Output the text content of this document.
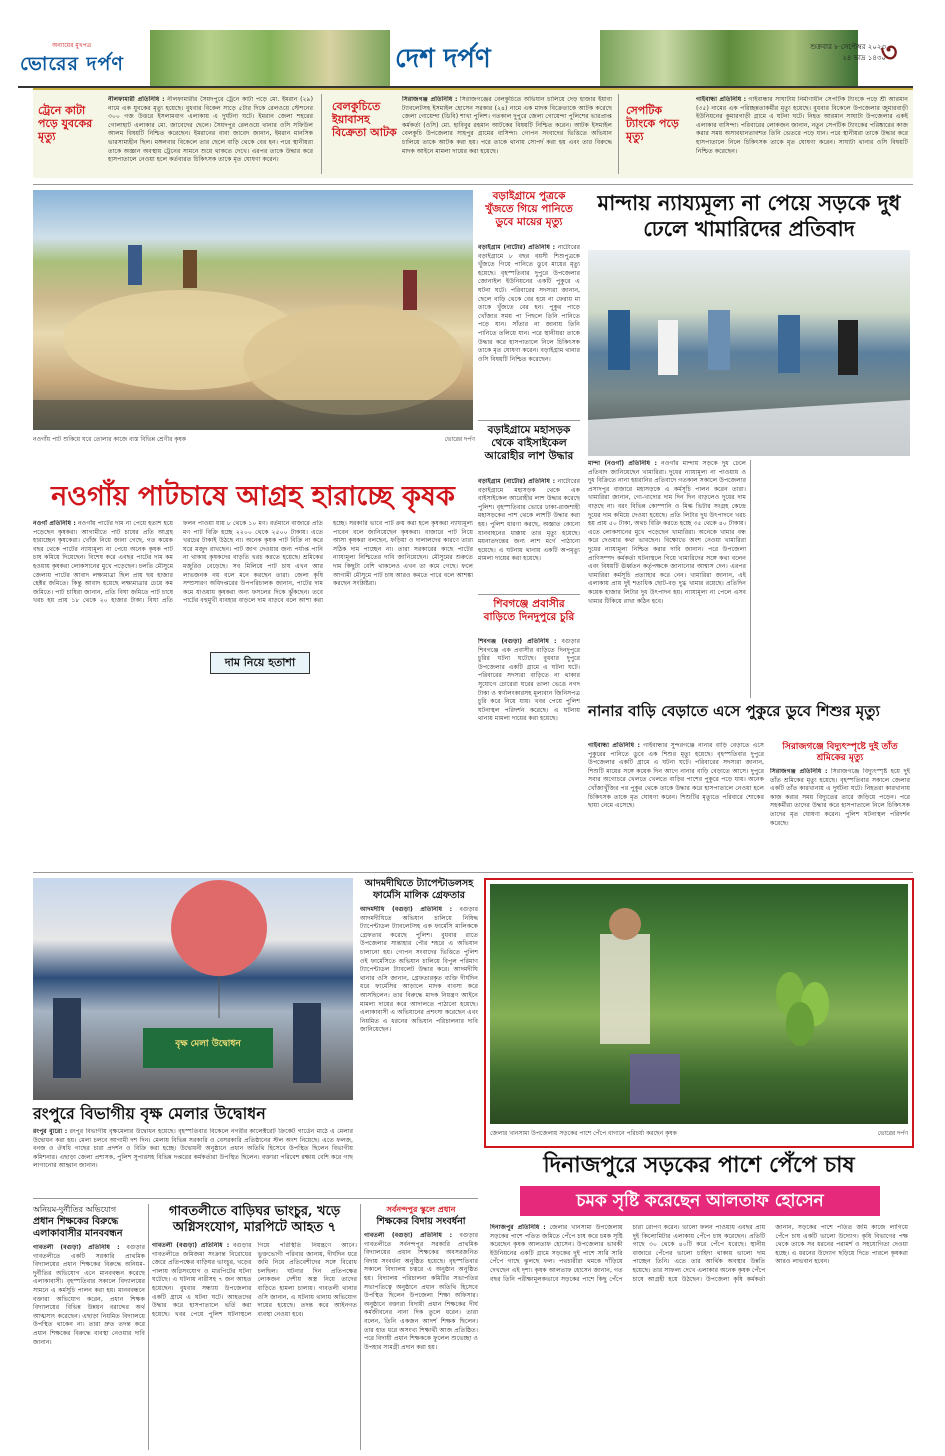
অন্যায়ের মুখপত্র
ভোরের দর্পণ	দেশ দর্পণ	শুক্রবার ৮ সেপ্টেম্বর ২০২৩
২৪ ভাদ্র ১৪৩০
৩
ট্রেনে কাটা পড়ে যুবকের মৃত্যু
নীলফামারী প্রতিনিধি : নীলফামারীর সৈয়দপুরে ট্রেনে কাটা পড়ে মো. ইমরান (২৯) নামে এক যুবকের মৃত্যু হয়েছে। বুধবার বিকেল সাড়ে ৫টার দিকে রেলওয়ে স্টেশনের ৩০০ গজ উত্তরে ইসলামবাগ এলাকায় এ দুর্ঘটনা ঘটে। ইমরান জেলা শহরের গোলাহাট এলাকার মো. জাবেদের ছেলে। সৈয়দপুর রেলওয়ে থানার ওসি সফিউল আলম বিষয়টি নিশ্চিত করেছেন। ইমরানের বাবা জাবেদ জানান, ইমরান মানসিক ভারসাম্যহীন ছিল। মঙ্গলবার বিকেলে তার ছেলে বাড়ি থেকে বের হন। পরে স্থানীয়রা তাকে অজ্ঞান অবস্থায় ট্রেনের সামনে শুয়ে থাকতে দেখে। এরপর তাকে উদ্ধার করে হাসপাতালে নেওয়া হলে কর্তব্যরত চিকিৎসক তাকে মৃত ঘোষণা করেন।
বেলকুচিতে ইয়াবাসহ বিক্রেতা আটক
সিরাজগঞ্জ প্রতিনিধি : সিরাজগঞ্জের বেলকুচিতে অভিযান চালিয়ে দেড় হাজার ইয়াবা ট্যাবলেটসহ ইসমাইল হোসেন সরকার (২৪) নামে এক মাদক বিক্রেতাকে আটক করেছে জেলা গোয়েন্দা (ডিবি) শাখা পুলিশ। গতকাল দুপুরে জেলা গোয়েন্দা পুলিশের ভারপ্রাপ্ত কর্মকর্তা (ওসি) মো. হাবিবুর রহমান আটকের বিষয়টি নিশ্চিত করেন। আটক ইসমাইল বেলকুচি উপজেলার সাহপুর গ্রামের বাসিন্দা। গোপন সংবাদের ভিত্তিতে অভিযান চালিয়ে তাকে আটক করা হয়। পরে তাকে থানায় সোপর্দ করা হয় এবং তার বিরুদ্ধে মাদক আইনে মামলা দায়ের করা হয়েছে।
সেপটিক ট্যাংকে পড়ে মৃত্যু
গাইবান্ধা প্রতিনিধি : গাইবান্ধার সাঘাটায় নির্মাণাধীন সেপটিক ট্যাংকে পড়ে শ্রী আরমান (৩৫) নামের এক পরিচ্ছন্নতাকর্মীর মৃত্যু হয়েছে। বুধবার বিকেলে উপজেলার জুমারবাড়ী ইউনিয়নের কুমারগাড়ী গ্রামে এ ঘটনা ঘটে। নিহত আরমান সাঘাটা উপজেলার একই এলাকার বাসিন্দা। পরিবারের লোকজন জানান, নতুন সেপটিক ট্যাংকের পরিষ্কারের কাজ করার সময় অসাবধানতাবশত তিনি ভেতরে পড়ে যান। পরে স্থানীয়রা তাকে উদ্ধার করে হাসপাতালে নিলে চিকিৎসক তাকে মৃত ঘোষণা করেন। সাঘাটা থানার ওসি বিষয়টি নিশ্চিত করেছেন।
নওগাঁয় পাট শুকিয়ে ঘরে তোলার কাজে ব্যস্ত বিভিন্ন শ্রেণীর কৃষক	ভোরের দর্পণ
বড়াইগ্রামে পুত্রকে খুঁজতে গিয়ে পানিতে ডুবে মায়ের মৃত্যু
বড়াইগ্রাম (নাটোর) প্রতিনিধি : নাটোরের বড়াইগ্রামে ৮ বছর বয়সী শিশুপুত্রকে খুঁজতে গিয়ে পানিতে ডুবে মায়ের মৃত্যু হয়েছে। বৃহস্পতিবার দুপুরে উপজেলার জোনাইল ইউনিয়নের একটি পুকুরে এ ঘটনা ঘটে। পরিবারের সদস্যরা জানান, ছেলে বাড়ি থেকে বের হয়ে না ফেরায় মা তাকে খুঁজতে বের হন। পুকুর পাড়ে খোঁজার সময় পা পিছলে তিনি পানিতে পড়ে যান। সাঁতার না জানায় তিনি পানিতে তলিয়ে যান। পরে স্থানীয়রা তাকে উদ্ধার করে হাসপাতালে নিলে চিকিৎসক তাকে মৃত ঘোষণা করেন। বড়াইগ্রাম থানার ওসি বিষয়টি নিশ্চিত করেছেন।
বড়াইগ্রামে মহাসড়ক থেকে বাইসাইকেল আরোহীর লাশ উদ্ধার
বড়াইগ্রাম (নাটোর) প্রতিনিধি : নাটোরের বড়াইগ্রামে মহাসড়ক থেকে এক বাইসাইকেল আরোহীর লাশ উদ্ধার করেছে পুলিশ। বৃহস্পতিবার ভোরে ঢাকা-রাজশাহী মহাসড়কের পাশ থেকে লাশটি উদ্ধার করা হয়। পুলিশ ধারণা করছে, অজ্ঞাত কোনো যানবাহনের ধাক্কায় তার মৃত্যু হয়েছে। ময়নাতদন্তের জন্য লাশ মর্গে পাঠানো হয়েছে। এ ঘটনায় থানায় একটি অপমৃত্যু মামলা দায়ের করা হয়েছে।
শিবগঞ্জে প্রবাসীর বাড়িতে দিনদুপুরে চুরি
শিবগঞ্জ (বগুড়া) প্রতিনিধি : বগুড়ার শিবগঞ্জে এক প্রবাসীর বাড়িতে দিনদুপুরে চুরির ঘটনা ঘটেছে। বুধবার দুপুরে উপজেলার একটি গ্রামে এ ঘটনা ঘটে। পরিবারের সদস্যরা বাড়িতে না থাকার সুযোগে চোরেরা ঘরের তালা ভেঙে নগদ টাকা ও স্বর্ণালংকারসহ মূল্যবান জিনিসপত্র চুরি করে নিয়ে যায়। খবর পেয়ে পুলিশ ঘটনাস্থল পরিদর্শন করেছে। এ ঘটনায় থানায় মামলা দায়ের করা হয়েছে।
মান্দায় ন্যায্যমূল্য না পেয়ে সড়কে দুধ ঢেলে খামারিদের প্রতিবাদ
মান্দা (নওগাঁ) প্রতিনিধি : নওগাঁর মান্দায় সড়কে দুধ ঢেলে প্রতিবাদ জানিয়েছেন খামারিরা। দুধের ন্যায্যমূল্য না পাওয়ায় ও দুধ বিক্রিতে নানা হয়রানির প্রতিবাদে গতকাল সকালে উপজেলার প্রসাদপুর বাজারে মহাসড়কে এ কর্মসূচি পালন করেন তারা। খামারিরা জানান, গো-খাদ্যের দাম দিন দিন বাড়লেও দুধের দাম বাড়ছে না। বরং বিভিন্ন কোম্পানি ও মিল্ক ভিটার সংগ্রহ কেন্দ্রে দুধের দাম কমিয়ে দেওয়া হয়েছে। প্রতি লিটার দুধ উৎপাদনে খরচ হয় প্রায় ৫০ টাকা, অথচ বিক্রি করতে হচ্ছে ৩৫ থেকে ৪০ টাকায়। এতে লোকসানের মুখে পড়েছেন খামারিরা। অনেকে খামার বন্ধ করে দেওয়ার কথা ভাবছেন। বিক্ষোভে অংশ নেওয়া খামারিরা দুধের ন্যায্যমূল্য নিশ্চিত করার দাবি জানান। পরে উপজেলা প্রাণিসম্পদ কর্মকর্তা ঘটনাস্থলে গিয়ে খামারিদের সঙ্গে কথা বলেন এবং বিষয়টি ঊর্ধ্বতন কর্তৃপক্ষকে জানানোর আশ্বাস দেন। এরপর খামারিরা কর্মসূচি প্রত্যাহার করে নেন। খামারিরা জানান, এই এলাকায় প্রায় দুই শতাধিক ছোট-বড় দুগ্ধ খামার রয়েছে। প্রতিদিন কয়েক হাজার লিটার দুধ উৎপাদন হয়। ন্যায্যমূল্য না পেলে এসব খামার টিকিয়ে রাখা কঠিন হবে।
নওগাঁয় পাটচাষে আগ্রহ হারাচ্ছে কৃষক
দাম নিয়ে হতাশা
নওগাঁ প্রতিনিধি : নওগাঁয় পাটের দাম না পেয়ে হতাশ হয়ে পড়েছেন কৃষকরা। আগামীতে পাট চাষের প্রতি আগ্রহ হারাচ্ছেন কৃষকেরা। খোঁজ নিয়ে জানা গেছে, গত কয়েক বছর থেকে পাটের ন্যায্যমূল্য না পেয়ে অনেক কৃষক পাট চাষ কমিয়ে দিয়েছেন। বিশেষ করে এবছর পাটের দাম কম হওয়ায় কৃষকরা লোকসানের মুখে পড়েছেন। চলতি মৌসুমে জেলায় পাটের আবাদ লক্ষ্যমাত্রা ছিল প্রায় ছয় হাজার হেক্টর জমিতে। কিন্তু আবাদ হয়েছে লক্ষ্যমাত্রার চেয়ে কম জমিতে। পাট চাষিরা জানান, প্রতি বিঘা জমিতে পাট চাষে খরচ হয় প্রায় ১৮ থেকে ২০ হাজার টাকা। বিঘা প্রতি ফলন পাওয়া যায় ৮ থেকে ১০ মণ। বর্তমানে বাজারে প্রতি মণ পাট বিক্রি হচ্ছে ২২০০ থেকে ২৫০০ টাকায়। এতে খরচের টাকাই উঠছে না। অনেক কৃষক পাট বিক্রি না করে ঘরে মজুদ রাখছেন। পাট জাগ দেওয়ার জন্য পর্যাপ্ত পানি না থাকায় কৃষকদের বাড়তি খরচ করতে হয়েছে। শ্রমিকের মজুরিও বেড়েছে। সব মিলিয়ে পাট চাষ এখন আর লাভজনক নয় বলে মনে করছেন তারা। জেলা কৃষি সম্প্রসারণ অধিদপ্তরের উপপরিচালক জানান, পাটের দাম কমে যাওয়ায় কৃষকরা অন্য ফসলের দিকে ঝুঁকছেন। তবে পাটের বহুমুখী ব্যবহার বাড়লে দাম বাড়বে বলে আশা করা হচ্ছে। সরকারি ভাবে পাট ক্রয় করা হলে কৃষকরা ন্যায্যমূল্য পাবেন বলে জানিয়েছেন কৃষকরা। বাজারে পাট নিয়ে আসা কৃষকরা বলছেন, ফড়িয়া ও দালালদের কারণে তারা সঠিক দাম পাচ্ছেন না। তারা সরকারের কাছে পাটের ন্যায্যমূল্য নিশ্চিতের দাবি জানিয়েছেন। মৌসুমের শুরুতে দাম কিছুটা বেশি থাকলেও এখন তা কমে গেছে। ফলে আগামী মৌসুমে পাট চাষ আরও কমতে পারে বলে আশঙ্কা করছেন সংশ্লিষ্টরা।
নানার বাড়ি বেড়াতে এসে পুকুরে ডুবে শিশুর মৃত্যু
গাইবান্ধা প্রতিনিধি : গাইবান্ধার সুন্দরগঞ্জে নানার বাড়ি বেড়াতে এসে পুকুরের পানিতে ডুবে এক শিশুর মৃত্যু হয়েছে। বৃহস্পতিবার দুপুরে উপজেলার একটি গ্রামে এ ঘটনা ঘটে। পরিবারের সদস্যরা জানান, শিশুটি মায়ের সঙ্গে কয়েক দিন আগে নানার বাড়ি বেড়াতে আসে। দুপুরে সবার অগোচরে খেলতে খেলতে বাড়ির পাশের পুকুরে পড়ে যায়। অনেক খোঁজাখুঁজির পর পুকুর থেকে তাকে উদ্ধার করে হাসপাতালে নেওয়া হলে চিকিৎসক তাকে মৃত ঘোষণা করেন। শিশুটির মৃত্যুতে পরিবারে শোকের ছায়া নেমে এসেছে।
সিরাজগঞ্জে বিদ্যুৎস্পৃষ্টে দুই তাঁত শ্রমিকের মৃত্যু
সিরাজগঞ্জ প্রতিনিধি : সিরাজগঞ্জে বিদ্যুৎস্পৃষ্ট হয়ে দুই তাঁত শ্রমিকের মৃত্যু হয়েছে। বৃহস্পতিবার সকালে জেলার একটি তাঁত কারখানায় এ দুর্ঘটনা ঘটে। নিহতরা কারখানায় কাজ করার সময় বিদ্যুতের তারে জড়িয়ে পড়েন। পরে সহকর্মীরা তাদের উদ্ধার করে হাসপাতালে নিলে চিকিৎসক তাদের মৃত ঘোষণা করেন। পুলিশ ঘটনাস্থল পরিদর্শন করেছে।
বৃক্ষ মেলা উদ্বোধন
আদমদীঘিতে ট্যাপেন্টাডলসহ ফার্মেসি মালিক গ্রেফতার
আদমদীঘি (বগুড়া) প্রতিনিধি : বগুড়ার আদমদীঘিতে অভিযান চালিয়ে নিষিদ্ধ ট্যাপেন্টাডল ট্যাবলেটসহ এক ফার্মেসি মালিককে গ্রেফতার করেছে পুলিশ। বুধবার রাতে উপজেলার সান্তাহার পৌর শহরে এ অভিযান চালানো হয়। গোপন সংবাদের ভিত্তিতে পুলিশ ওই ফার্মেসিতে অভিযান চালিয়ে বিপুল পরিমাণ ট্যাপেন্টাডল ট্যাবলেট উদ্ধার করে। আদমদীঘি থানার ওসি জানান, গ্রেফতারকৃত ব্যক্তি দীর্ঘদিন ধরে ফার্মেসির আড়ালে মাদক ব্যবসা করে আসছিলেন। তার বিরুদ্ধে মাদক নিয়ন্ত্রণ আইনে মামলা দায়ের করে আদালতে পাঠানো হয়েছে। এলাকাবাসী এ অভিযানের প্রশংসা করেছেন এবং নিয়মিত এ ধরনের অভিযান পরিচালনার দাবি জানিয়েছেন।
রংপুরে বিভাগীয় বৃক্ষ মেলার উদ্বোধন
রংপুর ব্যুরো : রংপুর বিভাগীয় বৃক্ষমেলার উদ্বোধন হয়েছে। বৃহস্পতিবার বিকেলে নগরীর কালেক্টরেট ক্রিকেট গার্ডেন মাঠে এ মেলার উদ্বোধন করা হয়। মেলা চলবে আগামী দশ দিন। মেলায় বিভিন্ন সরকারি ও বেসরকারি প্রতিষ্ঠানের স্টল অংশ নিয়েছে। এতে ফলজ, বনজ ও ঔষধি গাছের চারা প্রদর্শন ও বিক্রি করা হচ্ছে। উদ্বোধনী অনুষ্ঠানে প্রধান অতিথি হিসেবে উপস্থিত ছিলেন বিভাগীয় কমিশনার। এছাড়া জেলা প্রশাসক, পুলিশ সুপারসহ বিভিন্ন দপ্তরের কর্মকর্তারা উপস্থিত ছিলেন। বক্তারা পরিবেশ রক্ষায় বেশি করে গাছ লাগানোর আহ্বান জানান।
জেলার খানসামা উপজেলায় সড়কের পাশে পেঁপে বাগানে পরিচর্যা করছেন কৃষক	ভোরের দর্পণ
দিনাজপুরে সড়কের পাশে পেঁপে চাষ
চমক সৃষ্টি করেছেন আলতাফ হোসেন
দিনাজপুর প্রতিনিধি : জেলার খানসামা উপজেলায় সড়কের পাশে পতিত জমিতে পেঁপে চাষ করে চমক সৃষ্টি করেছেন কৃষক আলতাফ হোসেন। উপজেলার ভাবকী ইউনিয়নের একটি গ্রামে সড়কের দুই পাশে সারি সারি পেঁপে গাছে ঝুলছে ফল। পথচারীরা থমকে দাঁড়িয়ে দেখছেন এই দৃশ্য। কৃষক আলতাফ হোসেন জানান, গত বছর তিনি পরীক্ষামূলকভাবে সড়কের পাশে কিছু পেঁপে চারা রোপণ করেন। ভালো ফলন পাওয়ায় এবছর প্রায় দুই কিলোমিটার এলাকায় পেঁপে চাষ করেছেন। প্রতিটি গাছে ৩০ থেকে ৪০টি করে পেঁপে ধরেছে। স্থানীয় বাজারে পেঁপের ভালো চাহিদা থাকায় ভালো দাম পাচ্ছেন তিনি। এতে তার আর্থিক অবস্থার উন্নতি হয়েছে। তার সাফল্য দেখে এলাকার অনেক কৃষক পেঁপে চাষে আগ্রহী হয়ে উঠছেন। উপজেলা কৃষি কর্মকর্তা জানান, সড়কের পাশে পতিত জমি কাজে লাগিয়ে পেঁপে চাষ একটি ভালো উদ্যোগ। কৃষি বিভাগের পক্ষ থেকে তাকে সব ধরনের পরামর্শ ও সহযোগিতা দেওয়া হচ্ছে। এ ধরনের উদ্যোগ ছড়িয়ে দিতে পারলে কৃষকরা আরও লাভবান হবেন।
অনিয়ম-দুর্নীতির অভিযোগ
প্রধান শিক্ষকের বিরুদ্ধে এলাকাবাসীর মানববন্ধন
গাবতলী (বগুড়া) প্রতিনিধি : বগুড়ার গাবতলীতে একটি সরকারি প্রাথমিক বিদ্যালয়ের প্রধান শিক্ষকের বিরুদ্ধে অনিয়ম-দুর্নীতির অভিযোগ এনে মানববন্ধন করেছে এলাকাবাসী। বৃহস্পতিবার সকালে বিদ্যালয়ের সামনে এ কর্মসূচি পালন করা হয়। মানববন্ধনে বক্তারা অভিযোগ করেন, প্রধান শিক্ষক বিদ্যালয়ের বিভিন্ন উন্নয়ন বরাদ্দের অর্থ আত্মসাৎ করেছেন। এছাড়া নিয়মিত বিদ্যালয়ে উপস্থিত থাকেন না। তারা দ্রুত তদন্ত করে প্রধান শিক্ষকের বিরুদ্ধে ব্যবস্থা নেওয়ার দাবি জানান।
গাবতলীতে বাড়িঘর ভাংচুর, খড়ে অগ্নিসংযোগ, মারপিটে আহত ৭
গাবতলী (বগুড়া) প্রতিনিধি : বগুড়ার গাবতলীতে জমিজমা সংক্রান্ত বিরোধের জেরে প্রতিপক্ষের বাড়িঘর ভাংচুর, খড়ের পালায় অগ্নিসংযোগ ও মারপিটের ঘটনা ঘটেছে। এ ঘটনায় নারীসহ ৭ জন আহত হয়েছেন। বুধবার সন্ধ্যায় উপজেলার একটি গ্রামে এ ঘটনা ঘটে। আহতদের উদ্ধার করে হাসপাতালে ভর্তি করা হয়েছে। খবর পেয়ে পুলিশ ঘটনাস্থলে গিয়ে পরিস্থিতি নিয়ন্ত্রণে আনে। ভুক্তভোগী পরিবার জানায়, দীর্ঘদিন ধরে জমি নিয়ে প্রতিবেশীদের সঙ্গে বিরোধ চলছিল। ঘটনার দিন প্রতিপক্ষের লোকজন দেশীয় অস্ত্র নিয়ে তাদের বাড়িতে হামলা চালায়। গাবতলী থানার ওসি জানান, এ ঘটনায় থানায় অভিযোগ দায়ের হয়েছে। তদন্ত করে আইনগত ব্যবস্থা নেওয়া হবে।
সর্বনন্দপুর স্কুলে প্রধান
শিক্ষকের বিদায় সংবর্ধনা
গাবতলী (বগুড়া) প্রতিনিধি : বগুড়ার গাবতলীতে সর্বনন্দপুর সরকারি প্রাথমিক বিদ্যালয়ের প্রধান শিক্ষকের অবসরজনিত বিদায় সংবর্ধনা অনুষ্ঠিত হয়েছে। বৃহস্পতিবার সকালে বিদ্যালয় চত্বরে এ অনুষ্ঠান অনুষ্ঠিত হয়। বিদ্যালয় পরিচালনা কমিটির সভাপতির সভাপতিত্বে অনুষ্ঠানে প্রধান অতিথি হিসেবে উপস্থিত ছিলেন উপজেলা শিক্ষা অফিসার। অনুষ্ঠানে বক্তারা বিদায়ী প্রধান শিক্ষকের দীর্ঘ কর্মজীবনের নানা দিক তুলে ধরেন। তারা বলেন, তিনি একজন আদর্শ শিক্ষক ছিলেন। তার হাত ধরে অসংখ্য শিক্ষার্থী আজ প্রতিষ্ঠিত। পরে বিদায়ী প্রধান শিক্ষককে ফুলেল শুভেচ্ছা ও উপহার সামগ্রী প্রদান করা হয়।
